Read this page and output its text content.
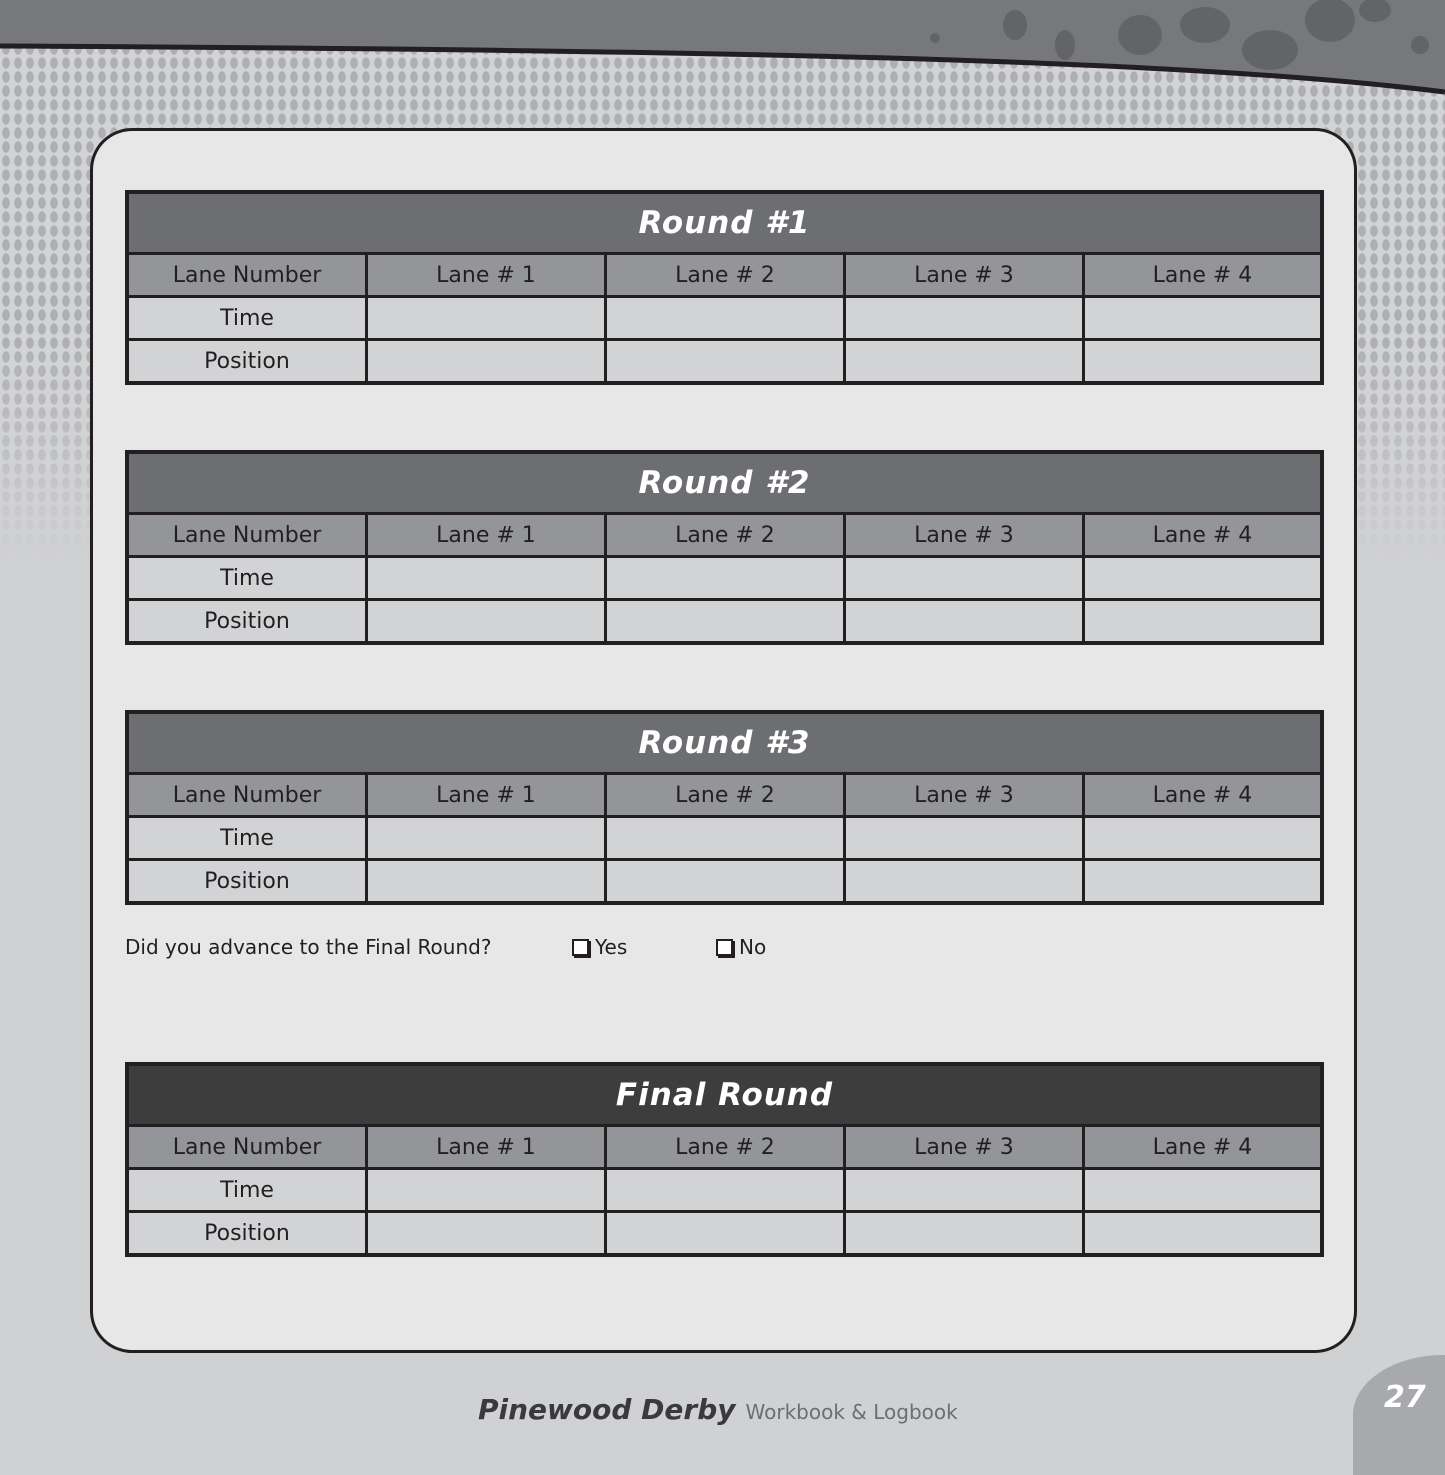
Round #1
Lane Number	Lane # 1	Lane # 2	Lane # 3	Lane # 4
Time
Position
Round #2
Lane Number	Lane # 1	Lane # 2	Lane # 3	Lane # 4
Time
Position
Round #3
Lane Number	Lane # 1	Lane # 2	Lane # 3	Lane # 4
Time
Position
Final Round
Lane Number	Lane # 1	Lane # 2	Lane # 3	Lane # 4
Time
Position
Did you advance to the Final Round?	Yes	No
Pinewood Derby Workbook & Logbook	27
